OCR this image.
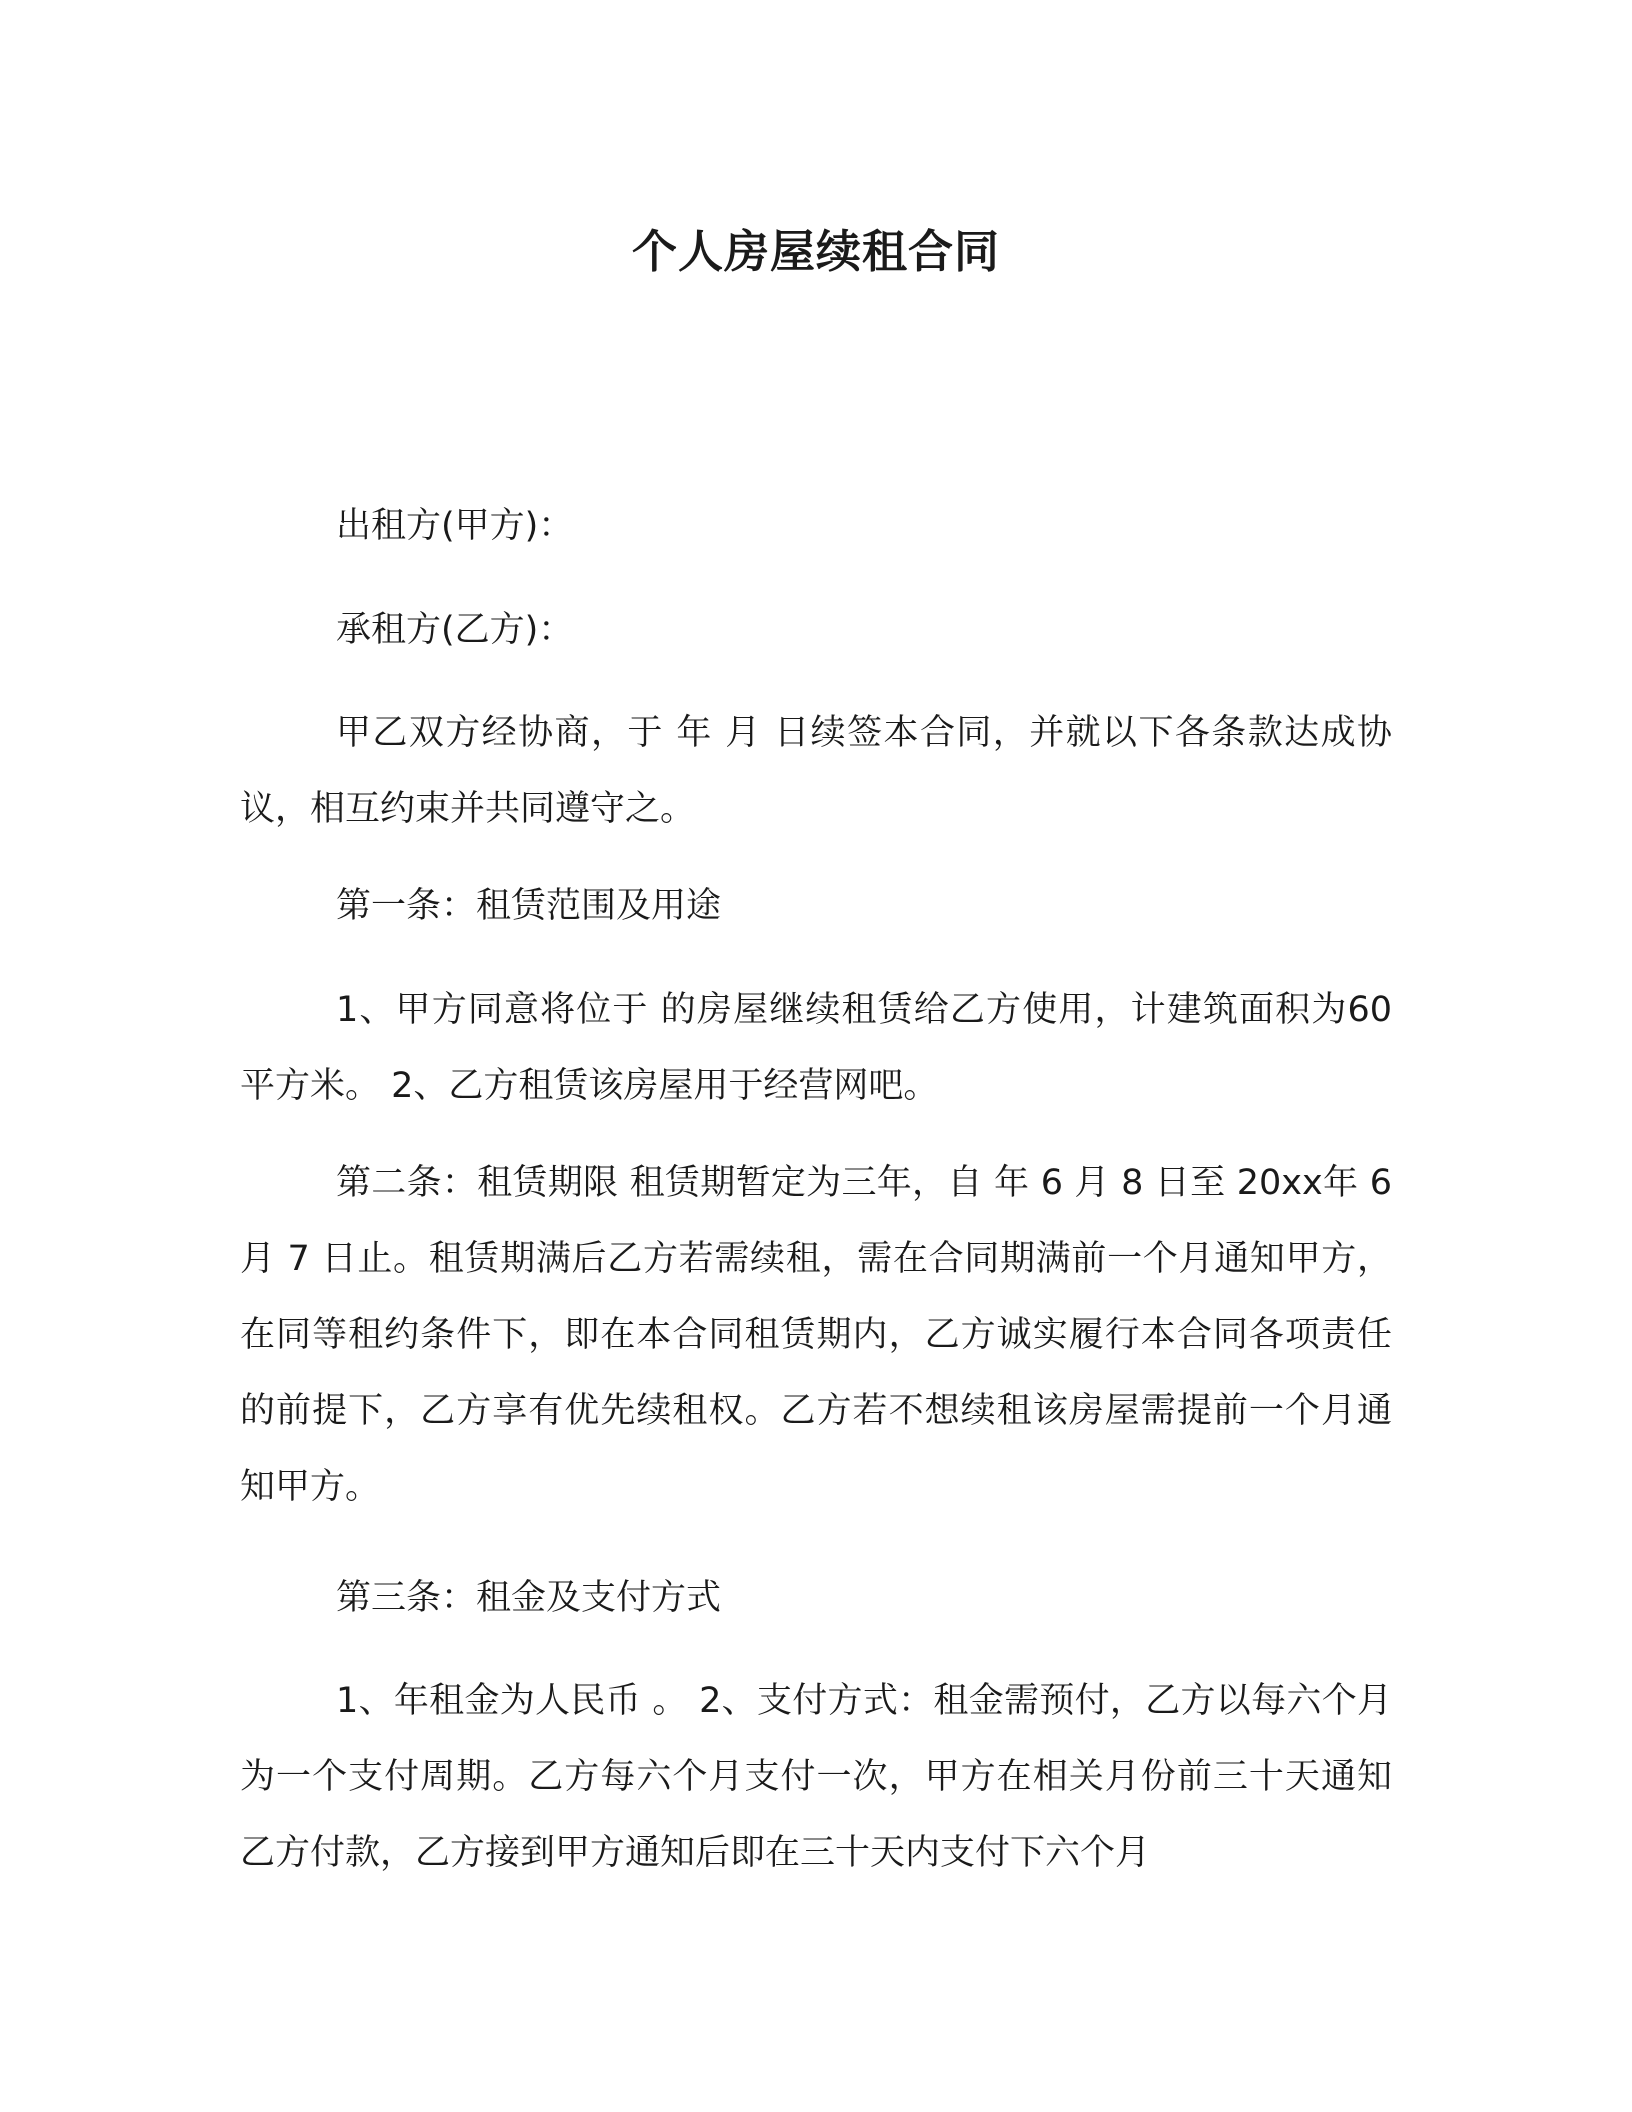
个人房屋续租合同

出租方(甲方)：

承租方(乙方)：

甲乙双方经协商，于 年 月 日续签本合同，并就以下各条款达成协议，相互约束并共同遵守之。

第一条：租赁范围及用途

1、甲方同意将位于 的房屋继续租赁给乙方使用，计建筑面积为60 平方米。 2、乙方租赁该房屋用于经营网吧。

第二条：租赁期限 租赁期暂定为三年，自 年 6 月 8 日至 20xx年 6 月 7 日止。租赁期满后乙方若需续租，需在合同期满前一个月通知甲方，在同等租约条件下，即在本合同租赁期内，乙方诚实履行本合同各项责任的前提下，乙方享有优先续租权。乙方若不想续租该房屋需提前一个月通知甲方。

第三条：租金及支付方式

1、年租金为人民币 。 2、支付方式：租金需预付，乙方以每六个月为一个支付周期。乙方每六个月支付一次，甲方在相关月份前三十天通知乙方付款，乙方接到甲方通知后即在三十天内支付下六个月
